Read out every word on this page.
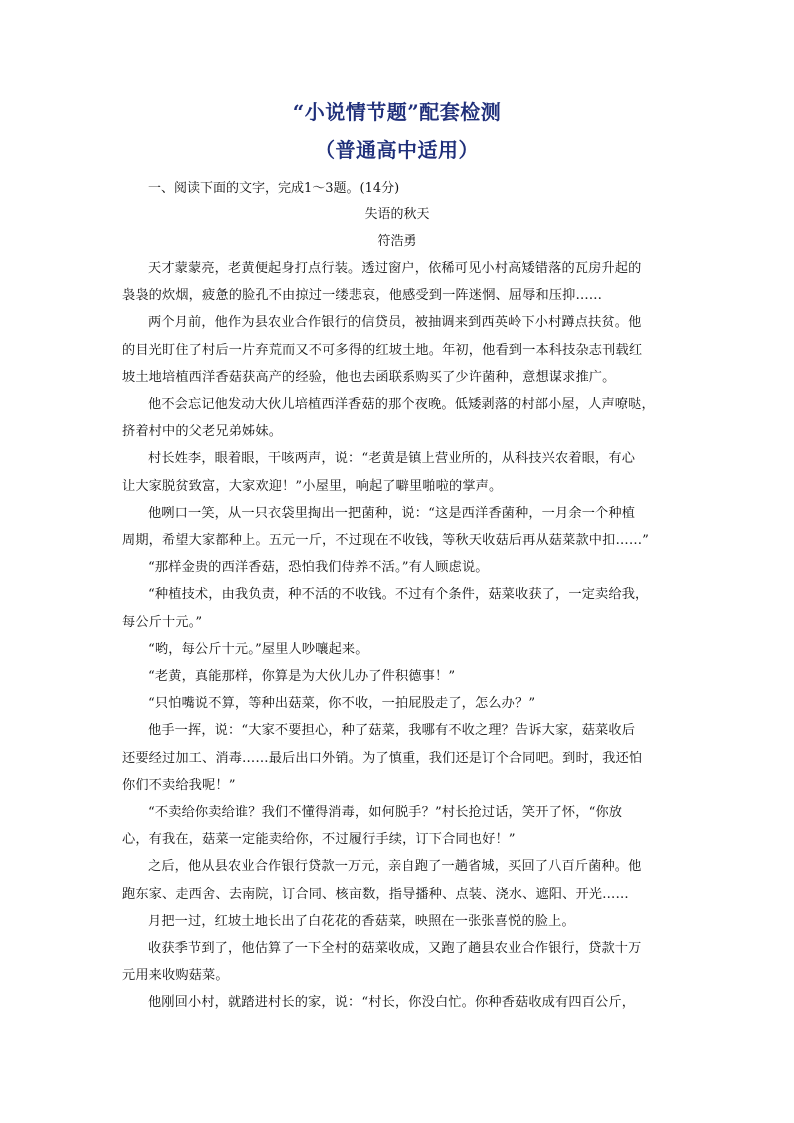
“小说情节题”配套检测
（普通高中适用）
一、阅读下面的文字，完成1～3题。(14分)
失语的秋天
符浩勇
天才蒙蒙亮，老黄便起身打点行装。透过窗户，依稀可见小村高矮错落的瓦房升起的
袅袅的炊烟，疲惫的脸孔不由掠过一缕悲哀，他感受到一阵迷惘、屈辱和压抑……
两个月前，他作为县农业合作银行的信贷员，被抽调来到西英岭下小村蹲点扶贫。他
的目光盯住了村后一片弃荒而又不可多得的红坡土地。年初，他看到一本科技杂志刊载红
坡土地培植西洋香菇获高产的经验，他也去函联系购买了少许菌种，意想谋求推广。
他不会忘记他发动大伙儿培植西洋香菇的那个夜晚。低矮剥落的村部小屋，人声嘹哒，
挤着村中的父老兄弟姊妹。
村长姓李，眼着眼，干咳两声，说：“老黄是镇上营业所的，从科技兴农着眼，有心
让大家脱贫致富，大家欢迎！”小屋里，响起了噼里啪啦的掌声。
他咧口一笑，从一只衣袋里掏出一把菌种，说：“这是西洋香菌种，一月余一个种植
周期，希望大家都种上。五元一斤，不过现在不收钱，等秋天收菇后再从菇菜款中扣……”
“那样金贵的西洋香菇，恐怕我们侍养不活。”有人顾虑说。
“种植技术，由我负责，种不活的不收钱。不过有个条件，菇菜收获了，一定卖给我，
每公斤十元。”
“哟，每公斤十元。”屋里人吵嚷起来。
“老黄，真能那样，你算是为大伙儿办了件积德事！”
“只怕嘴说不算，等种出菇菜，你不收，一拍屁股走了，怎么办？”
他手一挥，说：“大家不要担心，种了菇菜，我哪有不收之理？告诉大家，菇菜收后
还要经过加工、消毒……最后出口外销。为了慎重，我们还是订个合同吧。到时，我还怕
你们不卖给我呢！”
“不卖给你卖给谁？我们不懂得消毒，如何脱手？”村长抢过话，笑开了怀，“你放
心，有我在，菇菜一定能卖给你，不过履行手续，订下合同也好！”
之后，他从县农业合作银行贷款一万元，亲自跑了一趟省城，买回了八百斤菌种。他
跑东家、走西舍、去南院，订合同、核亩数，指导播种、点装、浇水、遮阳、开光……
月把一过，红坡土地长出了白花花的香菇菜，映照在一张张喜悦的脸上。
收获季节到了，他估算了一下全村的菇菜收成，又跑了趟县农业合作银行，贷款十万
元用来收购菇菜。
他刚回小村，就踏进村长的家，说：“村长，你没白忙。你种香菇收成有四百公斤，
